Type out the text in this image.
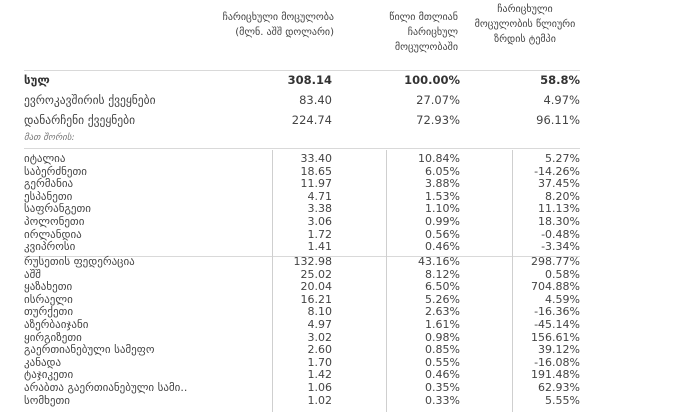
ჩარიცხული მოცულობა (მლნ. აშშ დოლარი)
წილი მთლიან ჩარიცხულ მოცულობაში
ჩარიცხული მოცულობის წლიური ზრდის ტემპი
სულ	308.14	100.00%	58.8%
ევროკავშირის ქვეყნები	83.40	27.07%	4.97%
დანარჩენი ქვეყნები	224.74	72.93%	96.11%
მათ შორის:
იტალია	33.40	10.84%	5.27%
საბერძნეთი	18.65	6.05%	-14.26%
გერმანია	11.97	3.88%	37.45%
ესპანეთი	4.71	1.53%	8.20%
საფრანგეთი	3.38	1.10%	11.13%
პოლონეთი	3.06	0.99%	18.30%
ირლანდია	1.72	0.56%	-0.48%
კვიპროსი	1.41	0.46%	-3.34%
რუსეთის ფედერაცია	132.98	43.16%	298.77%
აშშ	25.02	8.12%	0.58%
ყაზახეთი	20.04	6.50%	704.88%
ისრაელი	16.21	5.26%	4.59%
თურქეთი	8.10	2.63%	-16.36%
აზერბაიჯანი	4.97	1.61%	-45.14%
ყირგიზეთი	3.02	0.98%	156.61%
გაერთიანებული სამეფო	2.60	0.85%	39.12%
კანადა	1.70	0.55%	-16.08%
ტაჯიკეთი	1.42	0.46%	191.48%
არაბთა გაერთიანებული სამი..	1.06	0.35%	62.93%
სომხეთი	1.02	0.33%	5.55%
